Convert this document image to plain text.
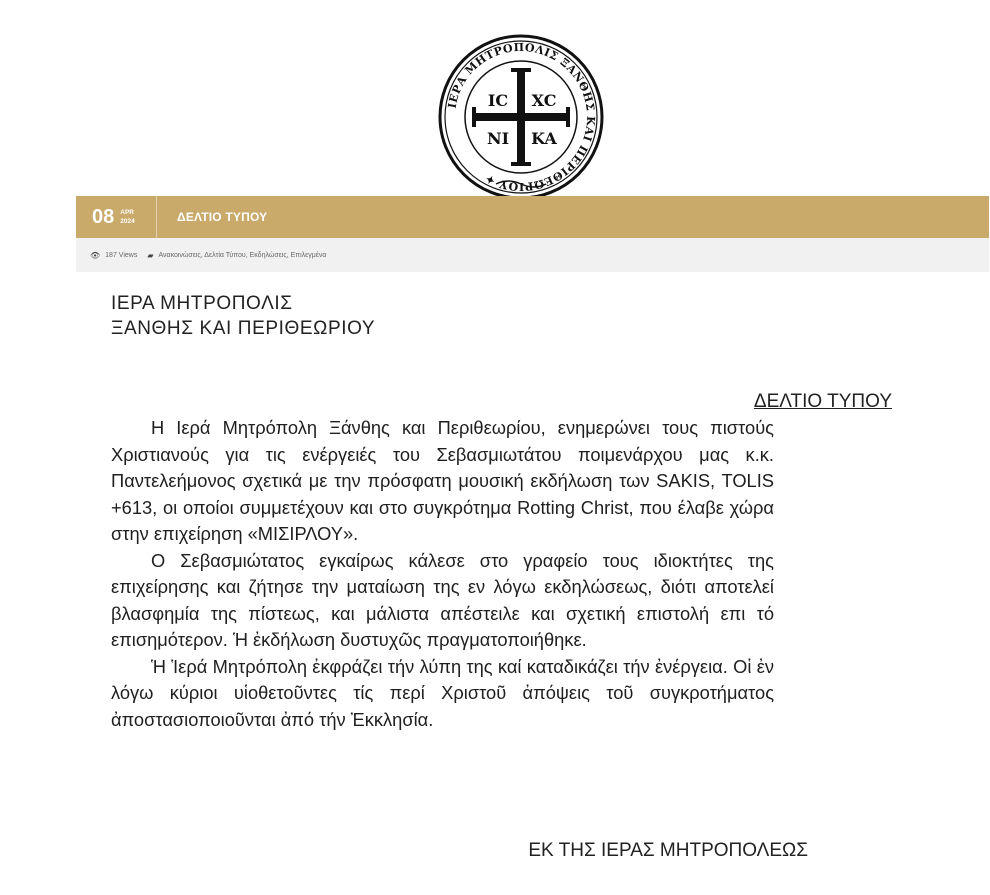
ΙΕΡΑ ΜΗΤΡΟΠΟΛΙΣ ΞΑΝΘΗΣ ΚΑΙ ΠΕΡΙΘΕΩΡΙΟΥ ✦
IC XC
NI KA
08 APR
2024	ΔΕΛΤΙΟ ΤΥΠΟΥ
👁 187 Views ▰ Ανακοινώσεις, Δελτία Τύπου, Εκδηλώσεις, Επιλεγμένα
ΙΕΡΑ ΜΗΤΡΟΠΟΛΙΣ
ΞΑΝΘΗΣ ΚΑΙ ΠΕΡΙΘΕΩΡΙΟΥ
ΔΕΛΤΙΟ ΤΥΠΟΥ

Η Ιερά Μητρόπολη Ξάνθης και Περιθεωρίου, ενημερώνει τους πιστούς Χριστιανούς για τις ενέργειές του Σεβασμιωτάτου ποιμενάρχου μας κ.κ. Παντελεήμονος σχετικά με την πρόσφατη μουσική εκδήλωση των SAKIS, TOLIS +613, οι οποίοι συμμετέχουν και στο συγκρότημα Rotting Christ, που έλαβε χώρα στην επιχείρηση «ΜΙΣΙΡΛΟΥ».

Ο Σεβασμιώτατος εγκαίρως κάλεσε στο γραφείο τους ιδιοκτήτες της επιχείρησης και ζήτησε την ματαίωση της εν λόγω εκδηλώσεως, διότι αποτελεί βλασφημία της πίστεως, και μάλιστα απέστειλε και σχετική επιστολή επι τό επισημότερον. Ἡ ἐκδήλωση δυστυχῶς πραγματοποιήθηκε.

Ἡ Ἱερά Μητρόπολη ἐκφράζει τήν λύπη της καί καταδικάζει τήν ἐνέργεια. Οἱ ἐν λόγω κύριοι υἱοθετοῦντες τίς περί Χριστοῦ ἀπόψεις τοῦ συγκροτήματος ἀποστασιοποιοῦνται ἀπό τήν Ἐκκλησία.

ΕΚ ΤΗΣ ΙΕΡΑΣ ΜΗΤΡΟΠΟΛΕΩΣ
